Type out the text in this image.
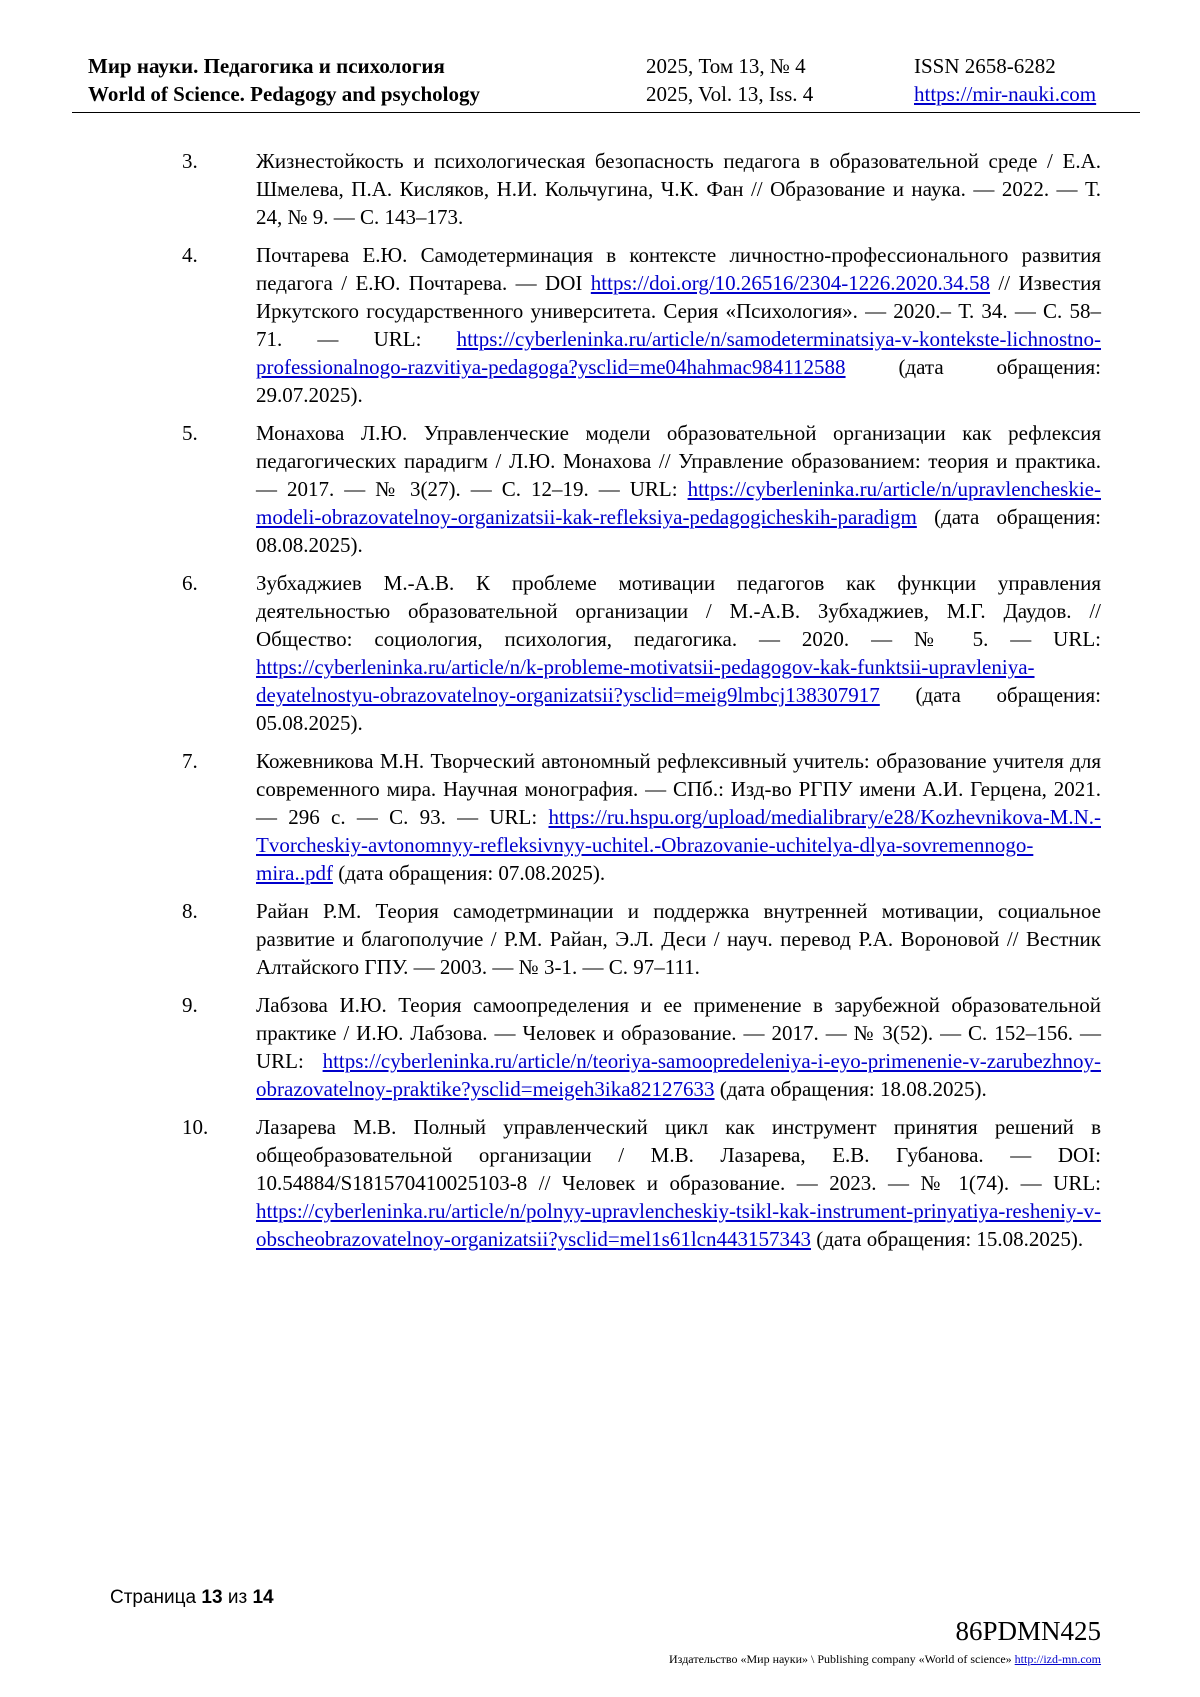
Мир науки. Педагогика и психология
World of Science. Pedagogy and psychology
2025, Том 13, № 4
2025, Vol. 13, Iss. 4
ISSN 2658-6282
https://mir-nauki.com
3.	Жизнестойкость и психологическая безопасность педагога в образовательной среде / Е.А. Шмелева, П.А. Кисляков, Н.И. Кольчугина, Ч.К. Фан // Образование и наука. — 2022. — Т. 24, № 9. — С. 143–173.
4.	Почтарева Е.Ю. Самодетерминация в контексте личностно-профессионального развития педагога / Е.Ю. Почтарева. — DOI https://doi.org/10.26516/2304-1226.2020.34.58 // Известия Иркутского государственного университета. Серия «Психология». — 2020.– Т. 34. — С. 58–71. — URL: https://cyberleninka.ru/article/n/samodeterminatsiya-v-kontekste-lichnostno-professionalnogo-razvitiya-pedagoga?ysclid=me04hahmac984112588 (дата обращения: 29.07.2025).
5.	Монахова Л.Ю. Управленческие модели образовательной организации как рефлексия педагогических парадигм / Л.Ю. Монахова // Управление образованием: теория и практика. — 2017. — № 3(27). — С. 12–19. — URL: https://cyberleninka.ru/article/n/upravlencheskie-modeli-obrazovatelnoy-organizatsii-kak-refleksiya-pedagogicheskih-paradigm (дата обращения: 08.08.2025).
6.	Зубхаджиев М.-А.В. К проблеме мотивации педагогов как функции управления деятельностью образовательной организации / М.-А.В. Зубхаджиев, М.Г. Даудов. // Общество: социология, психология, педагогика. — 2020. — № 5. — URL: https://cyberleninka.ru/article/n/k-probleme-motivatsii-pedagogov-kak-funktsii-upravleniya-deyatelnostyu-obrazovatelnoy-organizatsii?ysclid=meig9lmbcj138307917 (дата обращения: 05.08.2025).
7.	Кожевникова М.Н. Творческий автономный рефлексивный учитель: образование учителя для современного мира. Научная монография. — СПб.: Изд-во РГПУ имени А.И. Герцена, 2021. — 296 с. — С. 93. — URL: https://ru.hspu.org/upload/medialibrary/e28/Kozhevnikova-M.N.-Tvorcheskiy-avtonomnyy-refleksivnyy-uchitel.-Obrazovanie-uchitelya-dlya-sovremennogo-mira..pdf (дата обращения: 07.08.2025).
8.	Райан Р.М. Теория самодетрминации и поддержка внутренней мотивации, социальное развитие и благополучие / Р.М. Райан, Э.Л. Деси / науч. перевод Р.А. Вороновой // Вестник Алтайского ГПУ. — 2003. — № 3-1. — С. 97–111.
9.	Лабзова И.Ю. Теория самоопределения и ее применение в зарубежной образовательной практике / И.Ю. Лабзова. — Человек и образование. — 2017. — № 3(52). — С. 152–156. — URL: https://cyberleninka.ru/article/n/teoriya-samoopredeleniya-i-eyo-primenenie-v-zarubezhnoy-obrazovatelnoy-praktike?ysclid=meigeh3ika82127633 (дата обращения: 18.08.2025).
10. Лазарева М.В. Полный управленческий цикл как инструмент принятия решений в общеобразовательной организации / М.В. Лазарева, Е.В. Губанова. — DOI: 10.54884/S181570410025103-8 // Человек и образование. — 2023. — № 1(74). — URL: https://cyberleninka.ru/article/n/polnyy-upravlencheskiy-tsikl-kak-instrument-prinyatiya-resheniy-v-obscheobrazovatelnoy-organizatsii?ysclid=mel1s61lcn443157343 (дата обращения: 15.08.2025).
Страница 13 из 14
86PDMN425
Издательство «Мир науки» \ Publishing company «World of science» http://izd-mn.com
